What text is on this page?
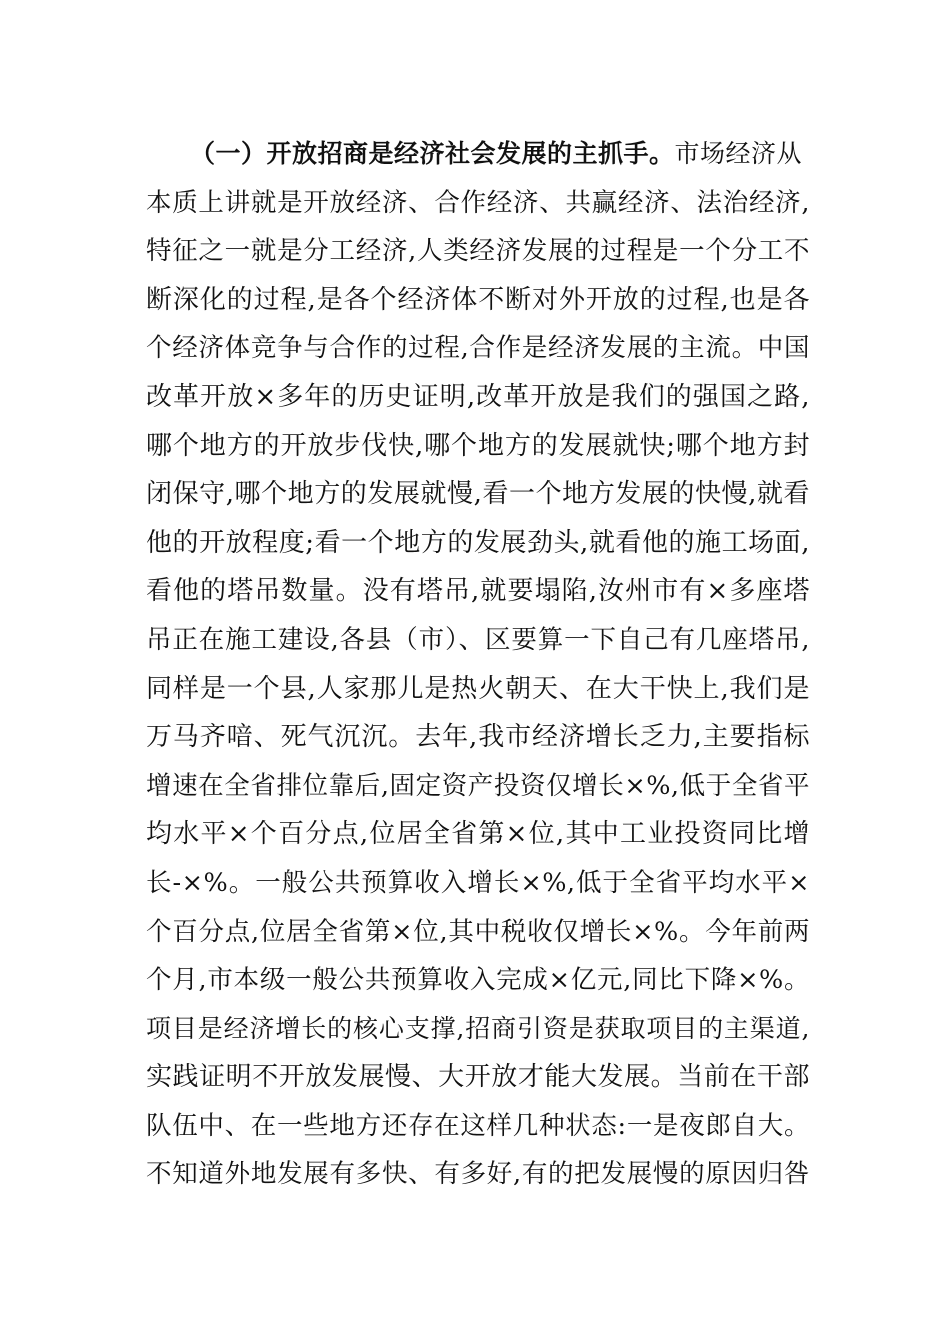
（一）开放招商是经济社会发展的主抓手。市场经济从
本质上讲就是开放经济、合作经济、共赢经济、法治经济,
特征之一就是分工经济,人类经济发展的过程是一个分工不
断深化的过程,是各个经济体不断对外开放的过程,也是各
个经济体竞争与合作的过程,合作是经济发展的主流。中国
改革开放×多年的历史证明,改革开放是我们的强国之路,
哪个地方的开放步伐快,哪个地方的发展就快;哪个地方封
闭保守,哪个地方的发展就慢,看一个地方发展的快慢,就看
他的开放程度;看一个地方的发展劲头,就看他的施工场面,
看他的塔吊数量。没有塔吊,就要塌陷,汝州市有×多座塔
吊正在施工建设,各县（市）、区要算一下自己有几座塔吊,
同样是一个县,人家那儿是热火朝天、在大干快上,我们是
万马齐喑、死气沉沉。去年,我市经济增长乏力,主要指标
增速在全省排位靠后,固定资产投资仅增长×%,低于全省平
均水平×个百分点,位居全省第×位,其中工业投资同比增
长-×%。一般公共预算收入增长×%,低于全省平均水平×
个百分点,位居全省第×位,其中税收仅增长×%。今年前两
个月,市本级一般公共预算收入完成×亿元,同比下降×%。
项目是经济增长的核心支撑,招商引资是获取项目的主渠道,
实践证明不开放发展慢、大开放才能大发展。当前在干部
队伍中、在一些地方还存在这样几种状态:一是夜郎自大。
不知道外地发展有多快、有多好,有的把发展慢的原因归咎
